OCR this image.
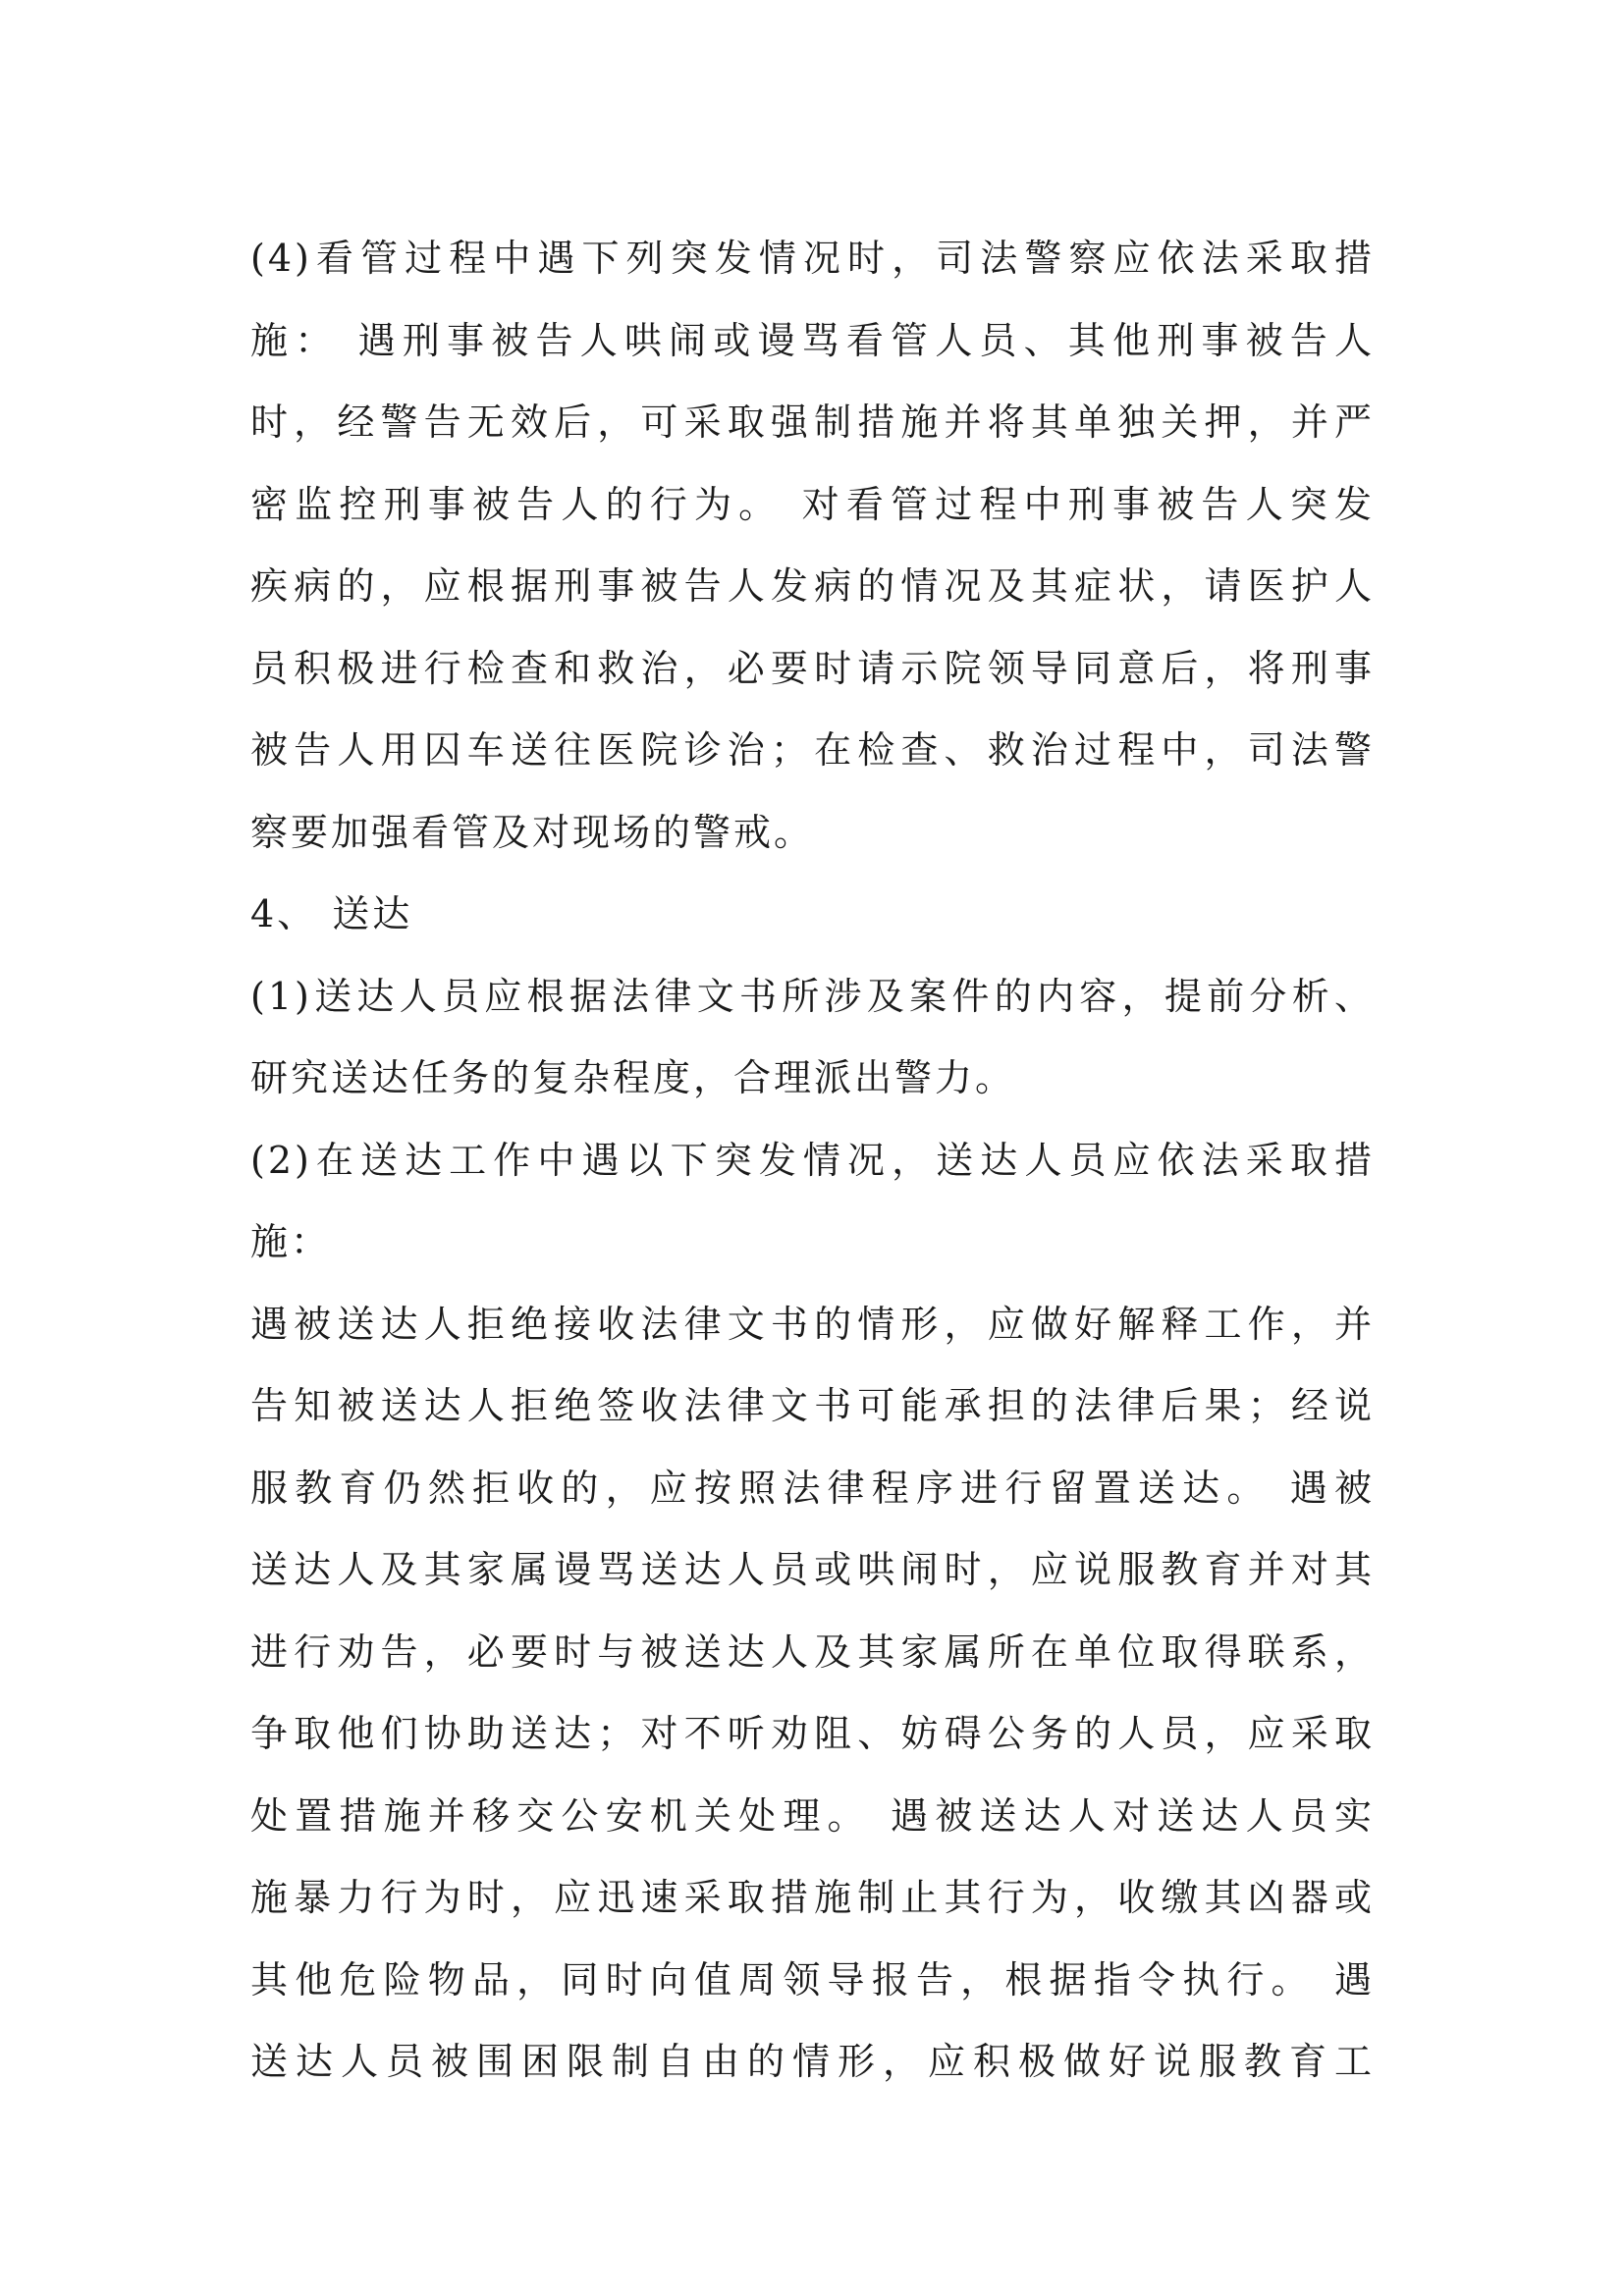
(4)看管过程中遇下列突发情况时，司法警察应依法采取措
施： 遇刑事被告人哄闹或谩骂看管人员、其他刑事被告人
时，经警告无效后，可采取强制措施并将其单独关押，并严
密监控刑事被告人的行为。 对看管过程中刑事被告人突发
疾病的，应根据刑事被告人发病的情况及其症状，请医护人
员积极进行检查和救治，必要时请示院领导同意后，将刑事
被告人用囚车送往医院诊治；在检查、救治过程中，司法警
察要加强看管及对现场的警戒。
4、 送达
(1)送达人员应根据法律文书所涉及案件的内容，提前分析、
研究送达任务的复杂程度，合理派出警力。
(2)在送达工作中遇以下突发情况，送达人员应依法采取措
施：
遇被送达人拒绝接收法律文书的情形，应做好解释工作，并
告知被送达人拒绝签收法律文书可能承担的法律后果；经说
服教育仍然拒收的，应按照法律程序进行留置送达。 遇被
送达人及其家属谩骂送达人员或哄闹时，应说服教育并对其
进行劝告，必要时与被送达人及其家属所在单位取得联系，
争取他们协助送达；对不听劝阻、妨碍公务的人员，应采取
处置措施并移交公安机关处理。 遇被送达人对送达人员实
施暴力行为时，应迅速采取措施制止其行为，收缴其凶器或
其他危险物品，同时向值周领导报告，根据指令执行。 遇
送达人员被围困限制自由的情形，应积极做好说服教育工
